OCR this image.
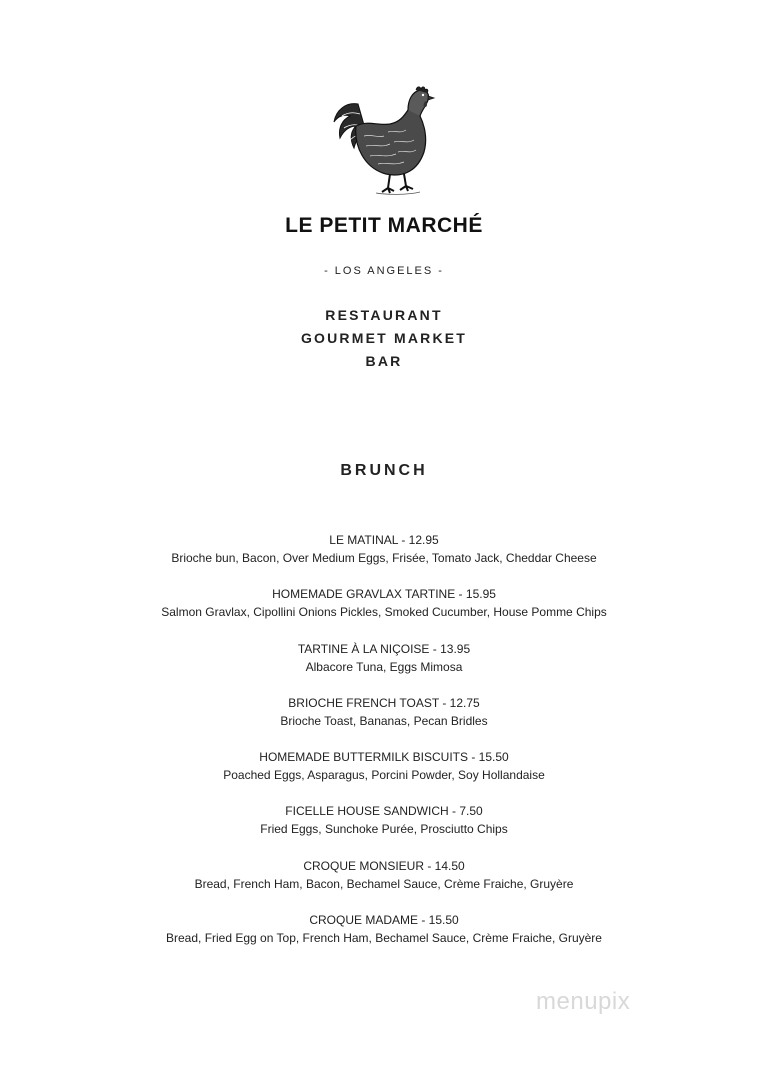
LE PETIT MARCHÉ
- LOS ANGELES -
RESTAURANT
GOURMET MARKET
BAR
BRUNCH
LE MATINAL - 12.95
Brioche bun, Bacon, Over Medium Eggs, Frisée, Tomato Jack, Cheddar Cheese
HOMEMADE GRAVLAX TARTINE - 15.95
Salmon Gravlax, Cipollini Onions Pickles, Smoked Cucumber, House Pomme Chips
TARTINE À LA NIÇOISE - 13.95
Albacore Tuna, Eggs Mimosa
BRIOCHE FRENCH TOAST - 12.75
Brioche Toast, Bananas, Pecan Bridles
HOMEMADE BUTTERMILK BISCUITS - 15.50
Poached Eggs, Asparagus, Porcini Powder, Soy Hollandaise
FICELLE HOUSE SANDWICH - 7.50
Fried Eggs, Sunchoke Purée, Prosciutto Chips
CROQUE MONSIEUR - 14.50
Bread, French Ham, Bacon, Bechamel Sauce, Crème Fraiche, Gruyère
CROQUE MADAME - 15.50
Bread, Fried Egg on Top, French Ham, Bechamel Sauce, Crème Fraiche, Gruyère
menupix
